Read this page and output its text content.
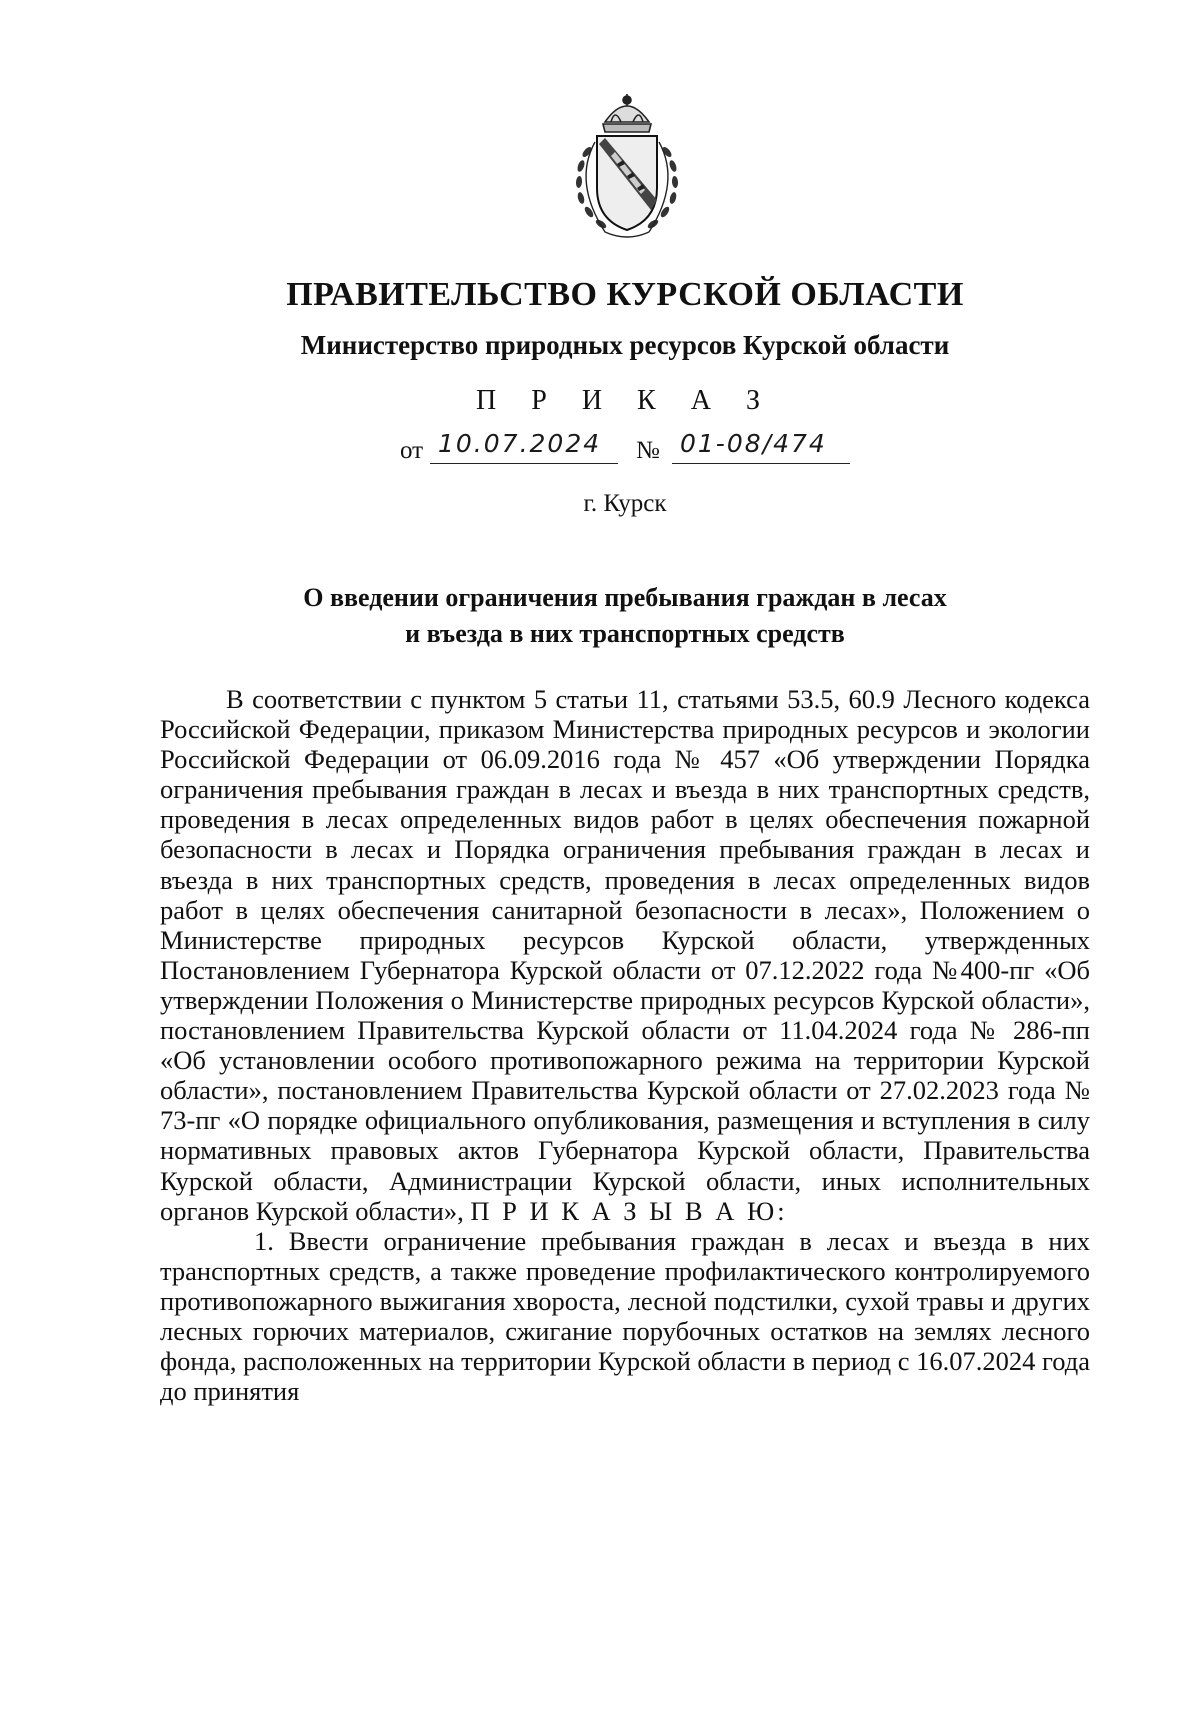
ПРАВИТЕЛЬСТВО КУРСКОЙ ОБЛАСТИ
Министерство природных ресурсов Курской области
П Р И К А З
от 10.07.2024 № 01-08/474
г. Курск
О введении ограничения пребывания граждан в лесах
и въезда в них транспортных средств

В соответствии с пунктом 5 статьи 11, статьями 53.5, 60.9 Лесного кодекса Российской Федерации, приказом Министерства природных ресурсов и экологии Российской Федерации от 06.09.2016 года № 457 «Об утверждении Порядка ограничения пребывания граждан в лесах и въезда в них транспортных средств, проведения в лесах определенных видов работ в целях обеспечения пожарной безопасности в лесах и Порядка ограничения пребывания граждан в лесах и въезда в них транспортных средств, проведения в лесах определенных видов работ в целях обеспечения санитарной безопасности в лесах», Положением о Министерстве природных ресурсов Курской области, утвержденных Постановлением Губернатора Курской области от 07.12.2022 года №400-пг «Об утверждении Положения о Министерстве природных ресурсов Курской области», постановлением Правительства Курской области от 11.04.2024 года № 286-пп «Об установлении особого противопожарного режима на территории Курской области», постановлением Правительства Курской области от 27.02.2023 года № 73-пг «О порядке официального опубликования, размещения и вступления в силу нормативных правовых актов Губернатора Курской области, Правительства Курской области, Администрации Курской области, иных исполнительных органов Курской области», П Р И К А З Ы В А Ю:

1. Ввести ограничение пребывания граждан в лесах и въезда в них транспортных средств, а также проведение профилактического контролируемого противопожарного выжигания хвороста, лесной подстилки, сухой травы и других лесных горючих материалов, сжигание порубочных остатков на землях лесного фонда, расположенных на территории Курской области в период с 16.07.2024 года до принятия
